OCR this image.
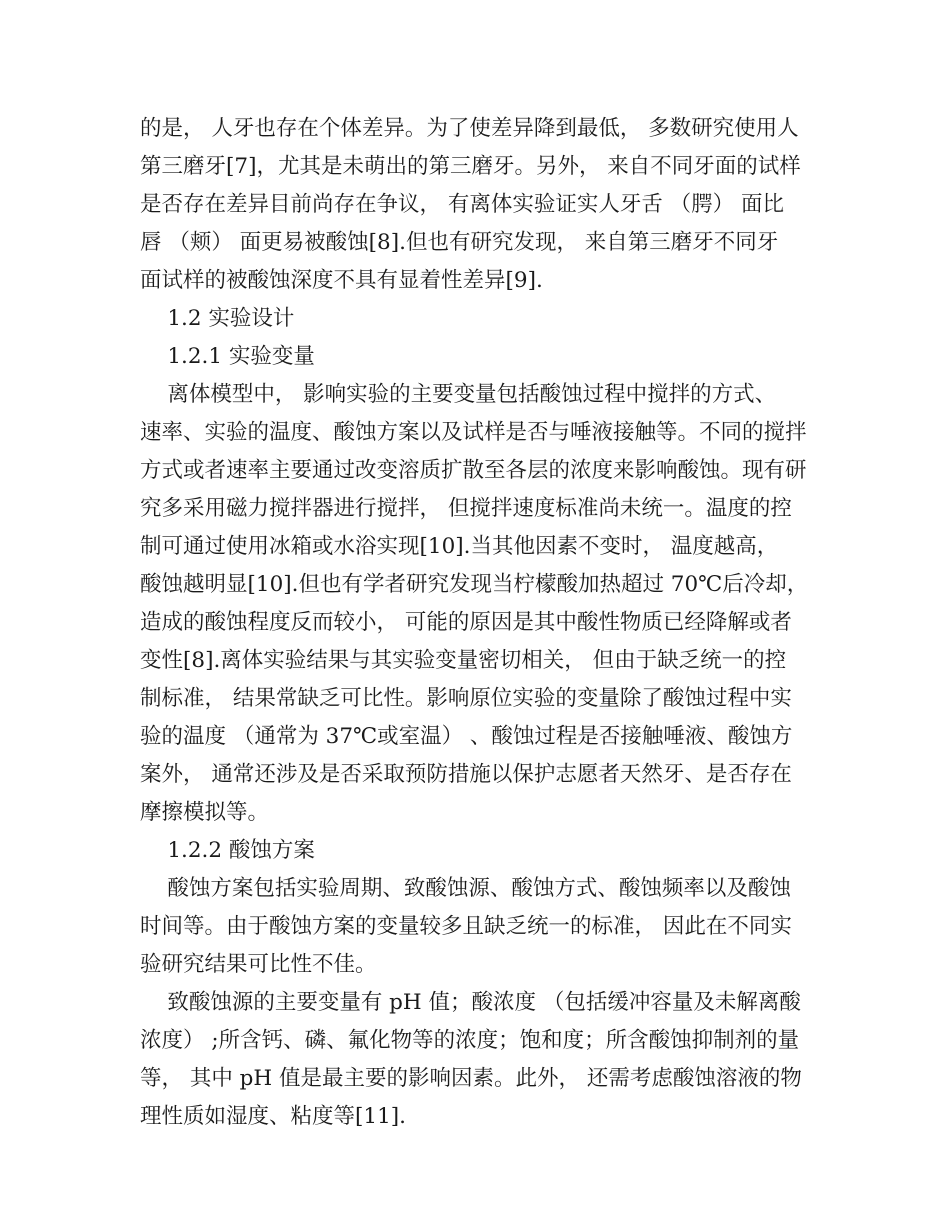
的是， 人牙也存在个体差异。为了使差异降到最低， 多数研究使用人
第三磨牙[7]，尤其是未萌出的第三磨牙。另外， 来自不同牙面的试样
是否存在差异目前尚存在争议， 有离体实验证实人牙舌 （腭） 面比
唇 （颊） 面更易被酸蚀[8].但也有研究发现， 来自第三磨牙不同牙
面试样的被酸蚀深度不具有显着性差异[9].
1.2 实验设计
1.2.1 实验变量
离体模型中， 影响实验的主要变量包括酸蚀过程中搅拌的方式、
速率、实验的温度、酸蚀方案以及试样是否与唾液接触等。不同的搅拌
方式或者速率主要通过改变溶质扩散至各层的浓度来影响酸蚀。现有研
究多采用磁力搅拌器进行搅拌， 但搅拌速度标准尚未统一。温度的控
制可通过使用冰箱或水浴实现[10].当其他因素不变时， 温度越高，
酸蚀越明显[10].但也有学者研究发现当柠檬酸加热超过 70℃后冷却，
造成的酸蚀程度反而较小， 可能的原因是其中酸性物质已经降解或者
变性[8].离体实验结果与其实验变量密切相关， 但由于缺乏统一的控
制标准， 结果常缺乏可比性。影响原位实验的变量除了酸蚀过程中实
验的温度 （通常为 37℃或室温） 、酸蚀过程是否接触唾液、酸蚀方
案外， 通常还涉及是否采取预防措施以保护志愿者天然牙、是否存在
摩擦模拟等。
1.2.2 酸蚀方案
酸蚀方案包括实验周期、致酸蚀源、酸蚀方式、酸蚀频率以及酸蚀
时间等。由于酸蚀方案的变量较多且缺乏统一的标准， 因此在不同实
验研究结果可比性不佳。
致酸蚀源的主要变量有 pH 值；酸浓度 （包括缓冲容量及未解离酸
浓度） ;所含钙、磷、氟化物等的浓度；饱和度；所含酸蚀抑制剂的量
等， 其中 pH 值是最主要的影响因素。此外， 还需考虑酸蚀溶液的物
理性质如湿度、粘度等[11].
